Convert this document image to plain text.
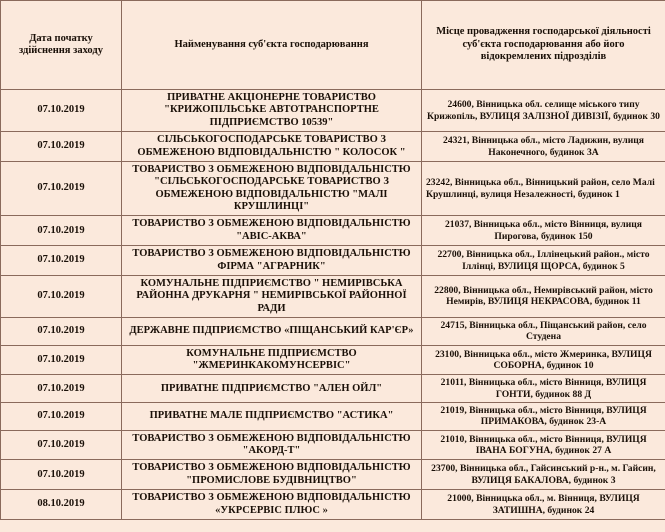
Дата початку здійснення заходу	Найменування суб'єкта господарювання	Місце провадження господарської діяльності суб'єкта господарювання або його відокремлених підрозділів
07.10.2019	ПРИВАТНЕ АКЦІОНЕРНЕ ТОВАРИСТВО "КРИЖОПІЛЬСЬКЕ АВТОТРАНСПОРТНЕ ПІДПРИЄМСТВО 10539"	24600, Вінницька обл. селище міського типу Крижопіль, ВУЛИЦЯ ЗАЛІЗНОЇ ДИВІЗІЇ, будинок 30
07.10.2019	СІЛЬСЬКОГОСПОДАРСЬКЕ ТОВАРИСТВО З ОБМЕЖЕНОЮ ВІДПОВІДАЛЬНІСТЮ " КОЛОСОК "	24321, Вінницька обл., місто Ладижин, вулиця Наконечного, будинок 3А
07.10.2019	ТОВАРИСТВО З ОБМЕЖЕНОЮ ВІДПОВІДАЛЬНІСТЮ "СІЛЬСЬКОГОСПОДАРСЬКЕ ТОВАРИСТВО З ОБМЕЖЕНОЮ ВІДПОВІДАЛЬНІСТЮ "МАЛІ КРУШЛИНЦІ"	23242, Вінницька обл., Вінницький район, село Малі Крушлинці, вулиця Незалежності, будинок 1
07.10.2019	ТОВАРИСТВО З ОБМЕЖЕНОЮ ВІДПОВІДАЛЬНІСТЮ "АВІС-АКВА"	21037, Вінницька обл., місто Вінниця, вулиця Пирогова, будинок 150
07.10.2019	ТОВАРИСТВО З ОБМЕЖЕНОЮ ВІДПОВІДАЛЬНІСТЮ ФІРМА "АГРАРНИК"	22700, Вінницька обл., Іллінецький район., місто Іллінці, ВУЛИЦЯ ЩОРСА, будинок 5
07.10.2019	КОМУНАЛЬНЕ ПІДПРИЄМСТВО " НЕМИРІВСЬКА РАЙОННА ДРУКАРНЯ " НЕМИРІВСЬКОЇ РАЙОННОЇ РАДИ	22800, Вінницька обл., Немирівський район, місто Немирів, ВУЛИЦЯ НЕКРАСОВА, будинок 11
07.10.2019	ДЕРЖАВНЕ ПІДПРИЄМСТВО «ПІЩАНСЬКИЙ КАР'ЄР»	24715, Вінницька обл., Піщанський район, село Студена
07.10.2019	КОМУНАЛЬНЕ ПІДПРИЄМСТВО "ЖМЕРИНКАКОМУНСЕРВІС"	23100, Вінницька обл., місто Жмеринка, ВУЛИЦЯ СОБОРНА, будинок 10
07.10.2019	ПРИВАТНЕ ПІДПРИЄМСТВО "АЛЕН ОЙЛ"	21011, Вінницька обл., місто Вінниця, ВУЛИЦЯ ГОНТИ, будинок 88 Д
07.10.2019	ПРИВАТНЕ МАЛЕ ПІДПРИЄМСТВО "АСТИКА"	21019, Вінницька обл., місто Вінниця, ВУЛИЦЯ ПРИМАКОВА, будинок 23-А
07.10.2019	ТОВАРИСТВО З ОБМЕЖЕНОЮ ВІДПОВІДАЛЬНІСТЮ "АКОРД-Т"	21010, Вінницька обл., місто Вінниця, ВУЛИЦЯ ІВАНА БОГУНА, будинок 27 А
07.10.2019	ТОВАРИСТВО З ОБМЕЖЕНОЮ ВІДПОВІДАЛЬНІСТЮ "ПРОМИСЛОВЕ БУДІВНИЦТВО"	23700, Вінницька обл., Гайсинський р-н., м. Гайсин, ВУЛИЦЯ БАКАЛОВА, будинок 3
08.10.2019	ТОВАРИСТВО З ОБМЕЖЕНОЮ ВІДПОВІДАЛЬНІСТЮ «УКРСЕРВІС ПЛЮС »	21000, Вінницька обл., м. Вінниця, ВУЛИЦЯ ЗАТИШНА, будинок 24
